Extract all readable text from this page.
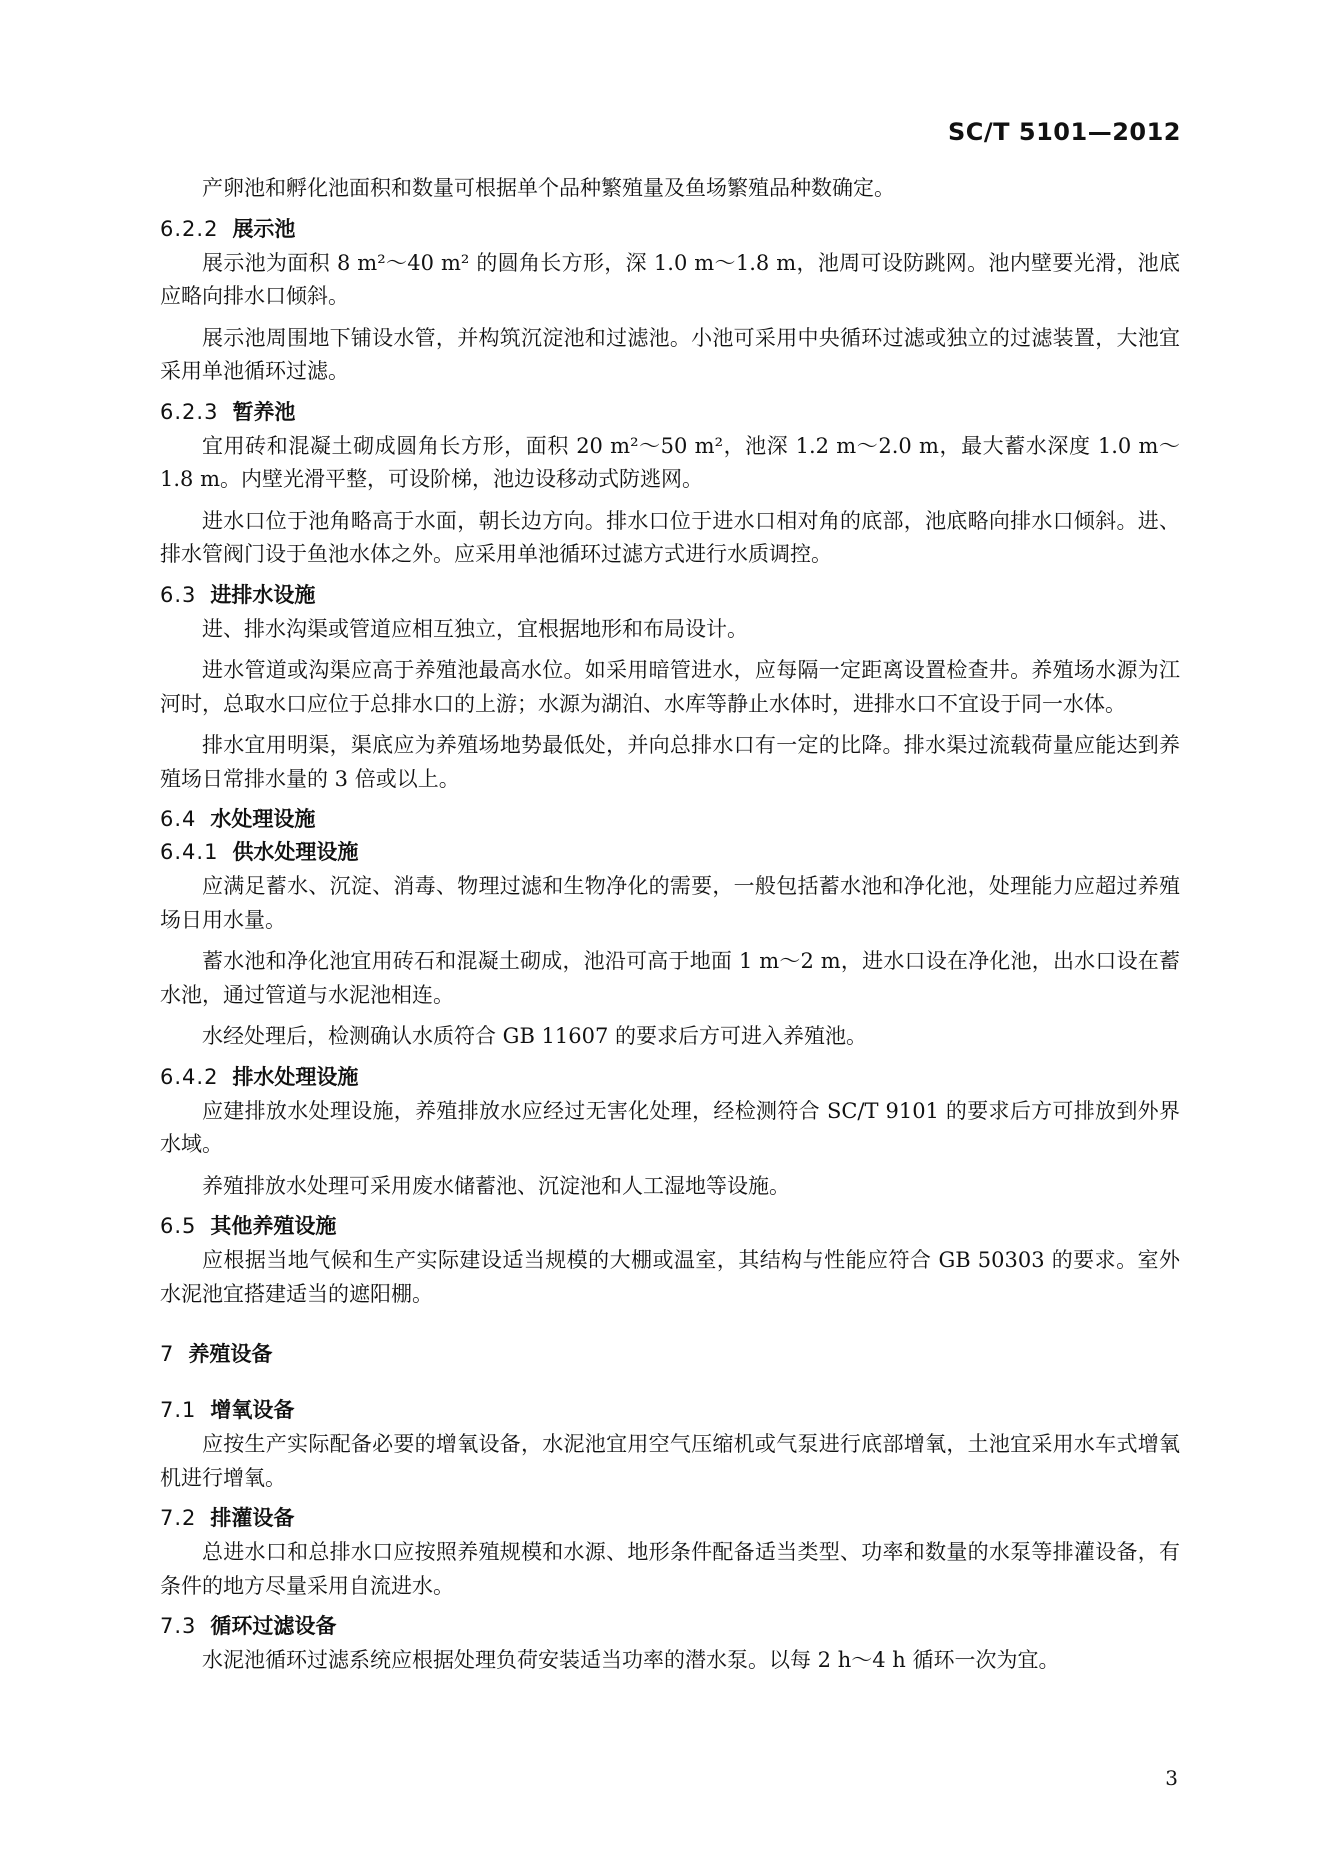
SC/T 5101—2012

产卵池和孵化池面积和数量可根据单个品种繁殖量及鱼场繁殖品种数确定。

6.2.2 展示池

展示池为面积 8 m²～40 m² 的圆角长方形，深 1.0 m～1.8 m，池周可设防跳网。池内壁要光滑，池底应略向排水口倾斜。

展示池周围地下铺设水管，并构筑沉淀池和过滤池。小池可采用中央循环过滤或独立的过滤装置，大池宜采用单池循环过滤。

6.2.3 暂养池

宜用砖和混凝土砌成圆角长方形，面积 20 m²～50 m²，池深 1.2 m～2.0 m，最大蓄水深度 1.0 m～1.8 m。内壁光滑平整，可设阶梯，池边设移动式防逃网。

进水口位于池角略高于水面，朝长边方向。排水口位于进水口相对角的底部，池底略向排水口倾斜。进、排水管阀门设于鱼池水体之外。应采用单池循环过滤方式进行水质调控。

6.3 进排水设施

进、排水沟渠或管道应相互独立，宜根据地形和布局设计。

进水管道或沟渠应高于养殖池最高水位。如采用暗管进水，应每隔一定距离设置检查井。养殖场水源为江河时，总取水口应位于总排水口的上游；水源为湖泊、水库等静止水体时，进排水口不宜设于同一水体。

排水宜用明渠，渠底应为养殖场地势最低处，并向总排水口有一定的比降。排水渠过流载荷量应能达到养殖场日常排水量的 3 倍或以上。

6.4 水处理设施
6.4.1 供水处理设施

应满足蓄水、沉淀、消毒、物理过滤和生物净化的需要，一般包括蓄水池和净化池，处理能力应超过养殖场日用水量。

蓄水池和净化池宜用砖石和混凝土砌成，池沿可高于地面 1 m～2 m，进水口设在净化池，出水口设在蓄水池，通过管道与水泥池相连。

水经处理后，检测确认水质符合 GB 11607 的要求后方可进入养殖池。

6.4.2 排水处理设施

应建排放水处理设施，养殖排放水应经过无害化处理，经检测符合 SC/T 9101 的要求后方可排放到外界水域。

养殖排放水处理可采用废水储蓄池、沉淀池和人工湿地等设施。

6.5 其他养殖设施

应根据当地气候和生产实际建设适当规模的大棚或温室，其结构与性能应符合 GB 50303 的要求。室外水泥池宜搭建适当的遮阳棚。

7 养殖设备
7.1 增氧设备

应按生产实际配备必要的增氧设备，水泥池宜用空气压缩机或气泵进行底部增氧，土池宜采用水车式增氧机进行增氧。

7.2 排灌设备

总进水口和总排水口应按照养殖规模和水源、地形条件配备适当类型、功率和数量的水泵等排灌设备，有条件的地方尽量采用自流进水。

7.3 循环过滤设备

水泥池循环过滤系统应根据处理负荷安装适当功率的潜水泵。以每 2 h～4 h 循环一次为宜。

3
